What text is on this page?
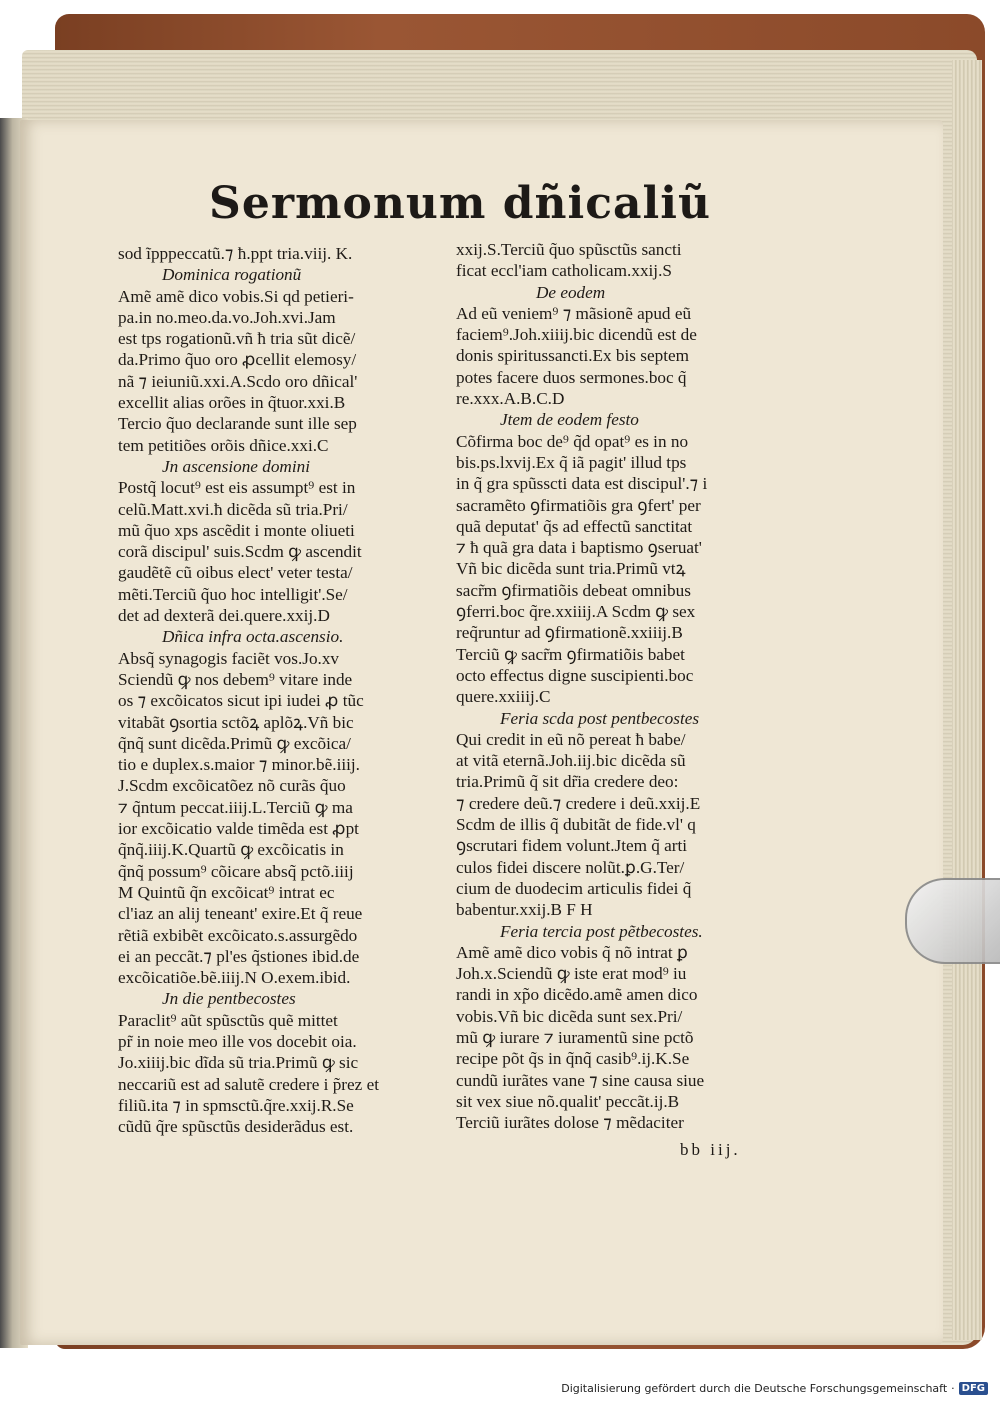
Sermonum dñicaliũ
sod ĩpppeccatũ.⁊ ħ.ppt tria.viij. K.
Dominica rogationũ
Amẽ amẽ dico vobis.Si qd petieri-
pa.in no.meo.da.vo.Joh.xvi.Jam
est tps rogationũ.vñ ħ tria sũt dicẽ/
da.Primo q̃uo oro ꝓcellit elemosy/
nã ⁊ ieiuniũ.xxi.A.Scdo oro dñical'
excellit alias orões in q̃tuor.xxi.B
Tercio q̃uo declarande sunt ille sep
tem petitiões orõis dñice.xxi.C
Jn ascensione domini
Postq̃ locut⁹ est eis assumpt⁹ est in
celũ.Matt.xvi.ħ dicẽda sũ tria.Pri/
mũ q̃uo xps ascẽdit i monte oliueti
corã discipul' suis.Scdm ꝙ ascendit
gaudẽtẽ cũ oibus elect' veter testa/
mẽti.Terciũ q̃uo hoc intelligit'.Se/
det ad dexterã dei.quere.xxij.D
Dñica infra octa.ascensio.
Absq̃ synagogis faciẽt vos.Jo.xv
Sciendũ ꝙ nos debem⁹ vitare inde
os ⁊ excõicatos sicut ipi iudei ꝓ tũc
vitabãt ꝯsortia sctõꝝ aplõꝝ.Vñ bic
q̃nq̃ sunt dicẽda.Primũ ꝙ excõica/
tio e duplex.s.maior ⁊ minor.bẽ.iiij.
J.Scdm excõicatõez nõ curãs q̃uo
⁊ q̃ntum peccat.iiij.L.Terciũ ꝙ ma
ior excõicatio valde timẽda est ꝓpt
q̃nq̃.iiij.K.Quartũ ꝙ excõicatis in
q̃nq̃ possum⁹ cõicare absq̃ pctõ.iiij
M Quintũ q̃n excõicat⁹ intrat ec
cl'iaz an alij teneant' exire.Et q̃ reue
rẽtiã exbibẽt excõicato.s.assurgẽdo
ei an peccãt.⁊ pl'es q̃stiones ibid.de
excõicatiõe.bẽ.iiij.N O.exem.ibid.
Jn die pentbecostes
Paraclit⁹ aũt spũsctũs quẽ mittet
pr̃ in noie meo ille vos docebit oia.
Jo.xiiij.bic dĩda sũ tria.Primũ ꝙ sic
neccariũ est ad salutẽ credere i p̃rez et
filiũ.ita ⁊ in spmsctũ.q̃re.xxij.R.Se
cũdũ q̃re spũsctũs desiderãdus est.
xxij.S.Terciũ q̃uo spũsctũs sancti
ficat eccl'iam catholicam.xxij.S
De eodem
Ad eũ veniem⁹ ⁊ mãsionẽ apud eũ
faciem⁹.Joh.xiiij.bic dicendũ est de
donis spiritussancti.Ex bis septem
potes facere duos sermones.boc q̃
re.xxx.A.B.C.D
Jtem de eodem festo
Cõfirma boc de⁹ q̃d opat⁹ es in no
bis.ps.lxvij.Ex q̃ iã pagit' illud tps
in q̃ gra spũsscti data est discipul'.⁊ i
sacramẽto ꝯfirmatiõis gra ꝯfert' per
quã deputat' q̃s ad effectũ sanctitat
⁊ ħ quã gra data i baptismo ꝯseruat'
Vñ bic dicẽda sunt tria.Primũ vtꝝ
sacr̃m ꝯfirmatiõis debeat omnibus
ꝯferri.boc q̃re.xxiiij.A Scdm ꝙ sex
req̃runtur ad ꝯfirmationẽ.xxiiij.B
Terciũ ꝙ sacr̃m ꝯfirmatiõis babet
octo effectus digne suscipienti.boc
quere.xxiiij.C
Feria scda post pentbecostes
Qui credit in eũ nõ pereat ħ babe/
at vitã eternã.Joh.iij.bic dicẽda sũ
tria.Primũ q̃ sit dr̃ia credere deo:
⁊ credere deũ.⁊ credere i deũ.xxij.E
Scdm de illis q̃ dubitãt de fide.vl' q
ꝯscrutari fidem volunt.Jtem q̃ arti
culos fidei discere nolũt.ꝑ.G.Ter/
cium de duodecim articulis fidei q̃
babentur.xxij.B F H
Feria tercia post pẽtbecostes.
Amẽ amẽ dico vobis q̃ nõ intrat ꝑ
Joh.x.Sciendũ ꝙ iste erat mod⁹ iu
randi in xp̃o dicẽdo.amẽ amen dico
vobis.Vñ bic dicẽda sunt sex.Pri/
mũ ꝙ iurare ⁊ iuramentũ sine pctõ
recipe põt q̃s in q̃nq̃ casib⁹.ij.K.Se
cundũ iurãtes vane ⁊ sine causa siue
sit vex siue nõ.qualit' peccãt.ij.B
Terciũ iurãtes dolose ⁊ mẽdaciter
bb iij.
Digitalisierung gefördert durch die Deutsche Forschungsgemeinschaft · DFG
